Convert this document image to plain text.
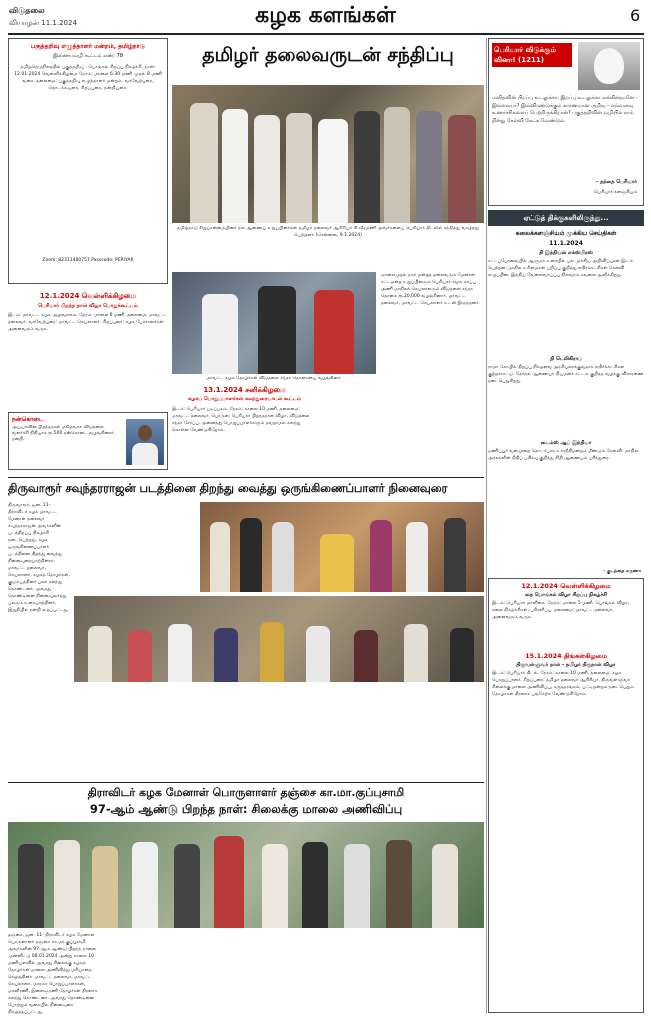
விடுதலை
வியாழன் 11.1.2024	கழக களங்கள்	6
பகுத்தறிவு எழுத்தாளர் மன்றம், தமிழ்நாடு
இணையவழி கூட்டம் எண்: 78
தமிழ்நெடுநிலத்தில் பகுத்தறிவு - பொங்கல் சிறப்பு நிகழ்ச்சி. நாள்: 12.01.2024 வெள்ளிக்கிழமை நேரம்: மாலை 6.30 மணி முதல் 8 மணி வரை. தலைமை: பகுத்தறிவு எழுத்தாளர் மன்றம். வரவேற்புரை, தொடக்கவுரை, சிறப்புரை, நன்றியுரை.
Zoom: 82311480757 Passcode: PERIYAR
12.1.2024 வெள்ளிக்கிழமை
பெரியார் பிறந்த நாள் விழா பொதுக்கூட்டம்
இடம்: மாவட்ட கழக அலுவலகம். நேரம்: மாலை 6 மணி. தலைமை: மாவட்ட தலைவர். வரவேற்புரை: மாவட்ட செயலாளர். சிறப்புரை: கழக பேச்சாளர்கள். அனைவரும் வருக.
நன்கொடை
அய்யாவின் பிறந்தநாள் மகிழ்வாக விடுதலை வளர்ச்சி நிதியாக ரூ.500 நன்கொடை வழங்கினார். நன்றி.
தமிழர் தலைவருடன் சந்திப்பு
தமிழ்நாடு சிறுபான்மையினர் நல ஆணைய உறுப்பினர்கள் தமிழர் தலைவர் ஆசிரியர் கி.வீரமணி அவர்களைப் பெரியார் திடலில் சந்தித்து வாழ்த்து பெற்றனர் (சென்னை, 9.1.2024)
மாலைமுதல் நகர் மன்றத் தலைவரும் மேனாள் சட்டமன்ற உறுப்பினரும் பெரியார் சமூக காப்பு அணி மாநிலச் செயலாளரும் விடுதலை சந்தா தொகை ரூ.20,000 வழங்கினார். மாவட்ட தலைவர், மாவட்ட செயலாளர் உடன் இருந்தனர்.
மாவட்ட கழக தோழர்கள் விடுதலை சந்தா தொகையை வழங்கினர்.
13.1.2024 சனிக்கிழமை
கழகப் பொறுப்பாளர்கள் கலந்துரையாடல் கூட்டம்
இடம்: பெரியார் படிப்பகம். நேரம்: காலை 10 மணி. தலைமை: மாவட்ட தலைவர். பொருள்: பெரியார் பிறந்தநாள் விழா, விடுதலை சந்தா சேர்ப்பு. அனைத்து பொறுப்பாளர்களும் தவறாமல் கலந்து கொள்ள வேண்டுகிறோம்.
பெரியார் விடுக்கும் வினா! (1211)
மனிதனின் பிறப்பு உடலுக்கா, இறப்பு உடலுக்கா என்கின்றானே - இல்லையா? இவ்விரண்டுக்கும் காரணமான அறிவு - எவ்வளவு உணர்ச்சிகளைப் பெற்றிருக்கிறான்? பகுத்தறிவின் வழியில் நாம் நின்று கேள்வி கேட்க வேண்டும்.
- தந்தை பெரியார்
பெரியார் களஞ்சியம்
ஏட்டுத் திக்குகளிலிருந்து...
கலைக்களஞ்சியம் முக்கிய செய்திகள்
11.1.2024
தி இந்தியன் எக்ஸ்பிரஸ்
சட்டப்பேரவையில் ஆளுநர் உரையில் பல முக்கிய அறிவிப்புகள் இடம் பெற்றன. மாநில உரிமைகள் பறிப்பு குறித்து எதிர்க்கட்சிகள் கேள்வி எழுப்பின. இந்திய வேலைவாய்ப்பு நிலவரம் கவலை அளிக்கிறது.
தி டெலிகிராப்
ராமர் கோயில் திறப்பு நிகழ்வை அரசியலாக்குவதாக எதிர்க்கட்சிகள் குற்றச்சாட்டு. தேர்தல் ஆணையர் நியமனச் சட்டம் குறித்த வழக்கு விசாரணை நடைபெறுகிறது.
டைம்ஸ் ஆப் இந்தியா
மணிப்பூர் வன்முறை தொடர்பாக உச்சநீதிமன்றம் மீண்டும் கேள்வி. மாநில அரசுகளின் நிதிப் பகிர்வு குறித்து நிதி ஆணையம் பரிந்துரை.
- குடந்தை கருணா
12.1.2024 வெள்ளிக்கிழமை
தை பொங்கல் விழா சிறப்பு நிகழ்ச்சி
இடம்: பெரியார் மாளிகை. நேரம்: மாலை 5 மணி. பொங்கல் விழா, கலை நிகழ்ச்சிகள், பரிசளிப்பு. தலைமை: மாவட்ட தலைவர். அனைவரும் வருக.
15.1.2024 திங்கள்கிழமை
திருவள்ளுவர் நாள் - தமிழர் திருநாள் விழா
இடம்: பெரியார் திடல். நேரம்: காலை 10 மணி. தலைமை: கழக பொறுப்பாளர். சிறப்புரை: தமிழர் தலைவர் ஆசிரியர். திருவள்ளுவர் சிலைக்கு மாலை அணிவிப்பு, கருத்தரங்கம், பட்டிமன்றம் நடைபெறும். தோழர்கள் திரளாக பங்கேற்க வேண்டுகிறோம்.
திருவாரூர் சவுந்தரராஜன் படத்தினை திறந்து வைத்து ஒருங்கிணைப்பாளர் நினைவுரை
திருவாரூர், ஜன. 11- திராவிடர் கழக மாவட்ட மேனாள் தலைவர் சவுந்தரராஜன் அவர்களின் படத்திறப்பு நிகழ்ச்சி நடைபெற்றது. கழக ஒருங்கிணைப்பாளர் படத்தினை திறந்து வைத்து நினைவுரையாற்றினார். மாவட்ட தலைவர், செயலாளர், கழகத் தோழர்கள், குடும்பத்தினர் பலர் கலந்து கொண்டனர். அவரது தொண்டினை நினைவுகூர்ந்து பலரும் உரையாற்றினர். இறுதியில் நன்றி கூறப்பட்டது.
திராவிடர் கழக மேனாள் பொருளாளர் தஞ்சை கா.மா.குப்புசாமி
97-ஆம் ஆண்டு பிறந்த நாள்: சிலைக்கு மாலை அணிவிப்பு
தஞ்சை, ஜன. 11- திராவிடர் கழக மேனாள் பொருளாளர் தஞ்சை கா.மா.குப்புசாமி அவர்களின் 97-ஆம் ஆண்டு பிறந்த நாளை முன்னிட்டு 08.01.2024 அன்று காலை 10 மணியளவில் அவரது சிலைக்கு கழகத் தோழர்கள் மாலை அணிவித்து மரியாதை செலுத்தினர். மாவட்ட தலைவர், மாவட்ட செயலாளர், மாநகர பொறுப்பாளர்கள், மகளிரணி, இளைஞரணி தோழர்கள் திரளாக கலந்து கொண்டனர். அவரது தொண்டினை போற்றும் வகையில் நினைவுரை நிகழ்த்தப்பட்டது.
